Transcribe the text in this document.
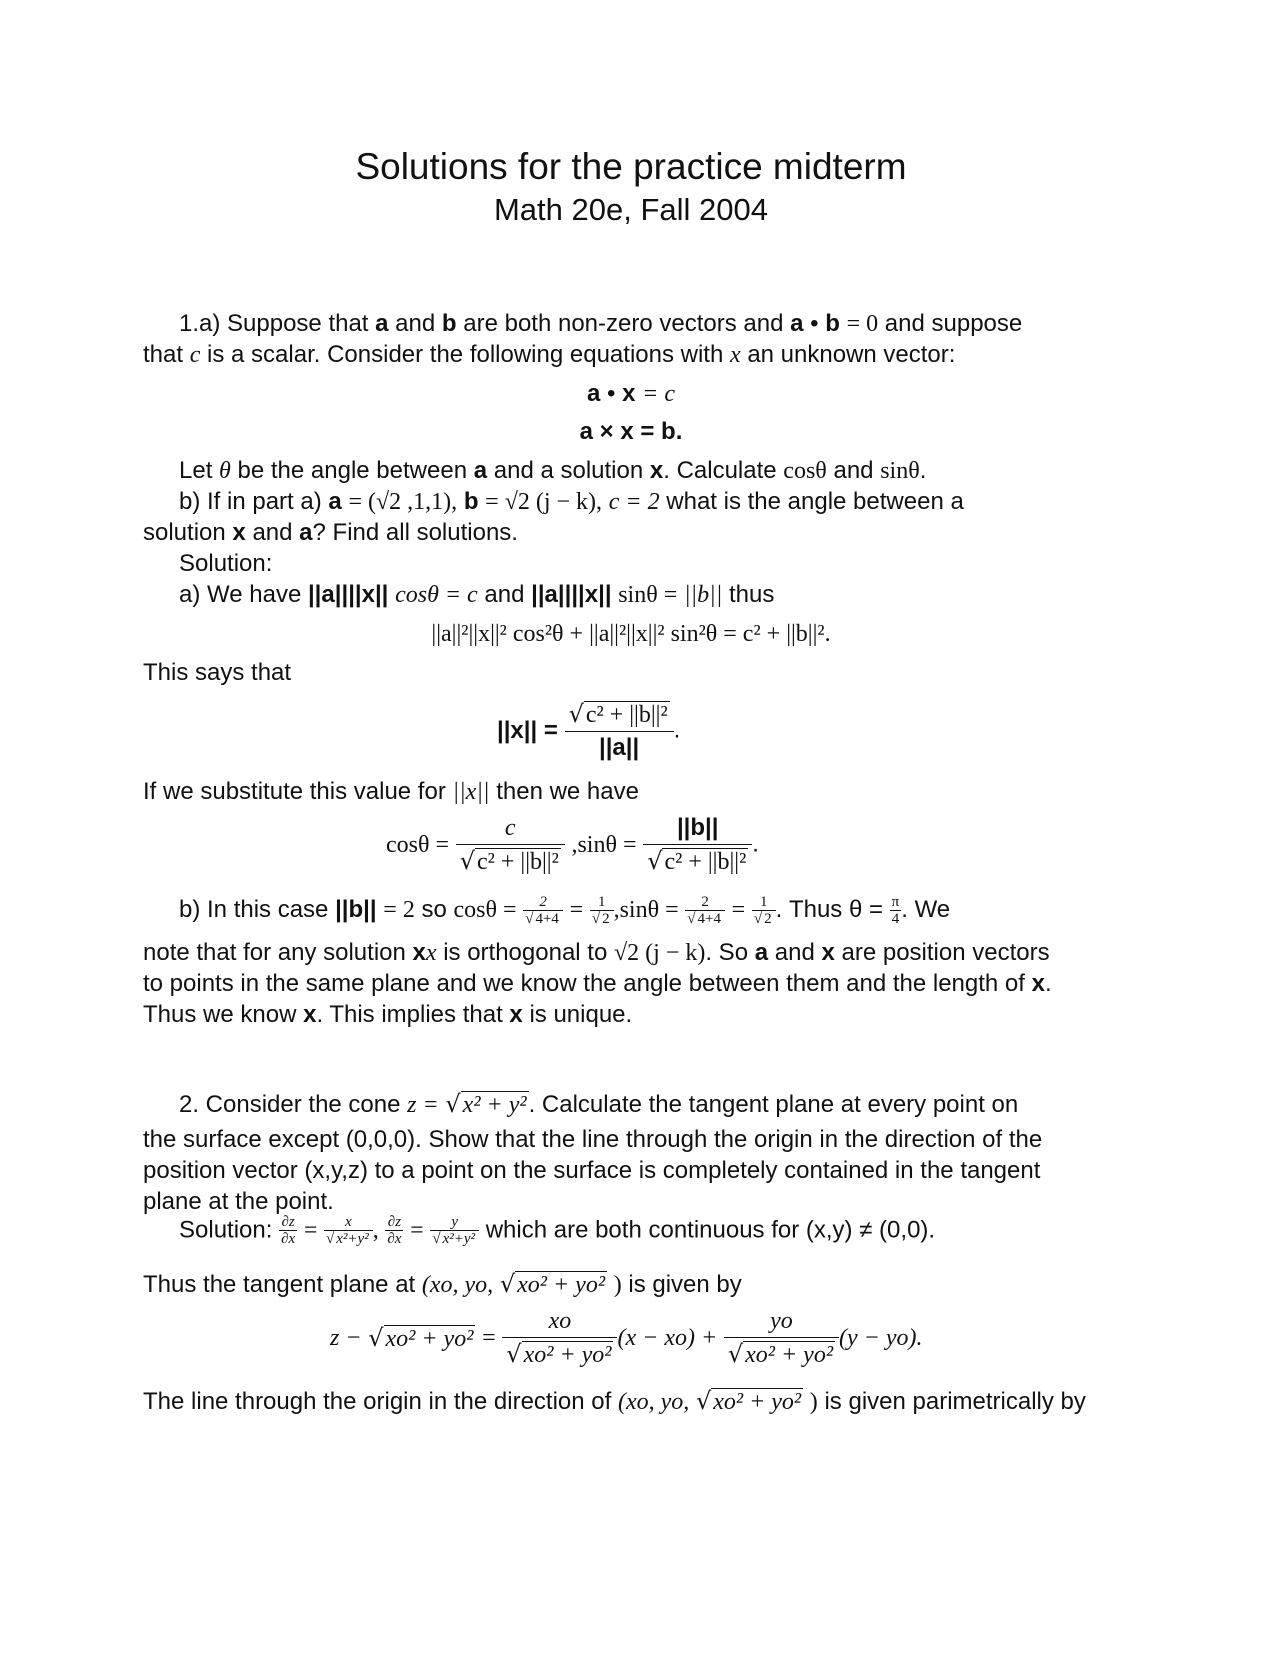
Solutions for the practice midterm
Math 20e, Fall 2004
1.a) Suppose that a and b are both non-zero vectors and a • b = 0 and suppose
that c is a scalar. Consider the following equations with x an unknown vector:
a • x = c
a × x = b.
Let θ be the angle between a and a solution x. Calculate cosθ and sinθ.
b) If in part a) a = (√2 ,1,1), b = √2 (j − k), c = 2 what is the angle between a
solution x and a? Find all solutions.
Solution:
a) We have ||a||||x|| cosθ = c and ||a||||x|| sinθ = ||b|| thus
||a||²||x||² cos²θ + ||a||²||x||² sin²θ = c² + ||b||².
This says that
$||x|| = \frac{\text{√c² + ||b||²}}{||a||}$ .
If we substitute this value for ||x|| then we have
$\cos\theta = \frac{c}{\text{√c² + ||b||²}} ,\sin\theta = \frac{||b||}{\text{√c² + ||b||²}}$ .
b) In this case ||b|| = 2 so $\cos\theta = \frac{2}{√ 4+4} = \frac{1}{√ 2} ,\sin\theta = \frac{2}{√ 4+4} = \frac{1}{√ 2}$ . Thus $\theta = \frac{\pi}{4}$ . We
note that for any solution xx is orthogonal to √2 (j − k). So a and x are position vectors
to points in the same plane and we know the angle between them and the length of x.
Thus we know x. This implies that x is unique.
2. Consider the cone z = √x² + y². Calculate the tangent plane at every point on
the surface except (0,0,0). Show that the line through the origin in the direction of the
position vector (x,y,z) to a point on the surface is completely contained in the tangent
plane at the point.
Solution: $\frac{\partial z}{\partial x} = \frac{x}{\text{√ x²+y²}}$ , $\frac{\partial z}{\partial x} = \frac{y}{\text{√ x²+y²}}$ which are both continuous for (x,y) ≠ (0,0).
Thus the tangent plane at (xo, yo, √xo² + yo² ) is given by
$z - √xo^2 + yo^2 = \frac{xo}{\text{√xo² + yo²}} (x - xo) + \frac{yo}{\text{√xo² + yo²}} (y - yo)$.
The line through the origin in the direction of (xo, yo, √xo² + yo² ) is given parimetrically by
